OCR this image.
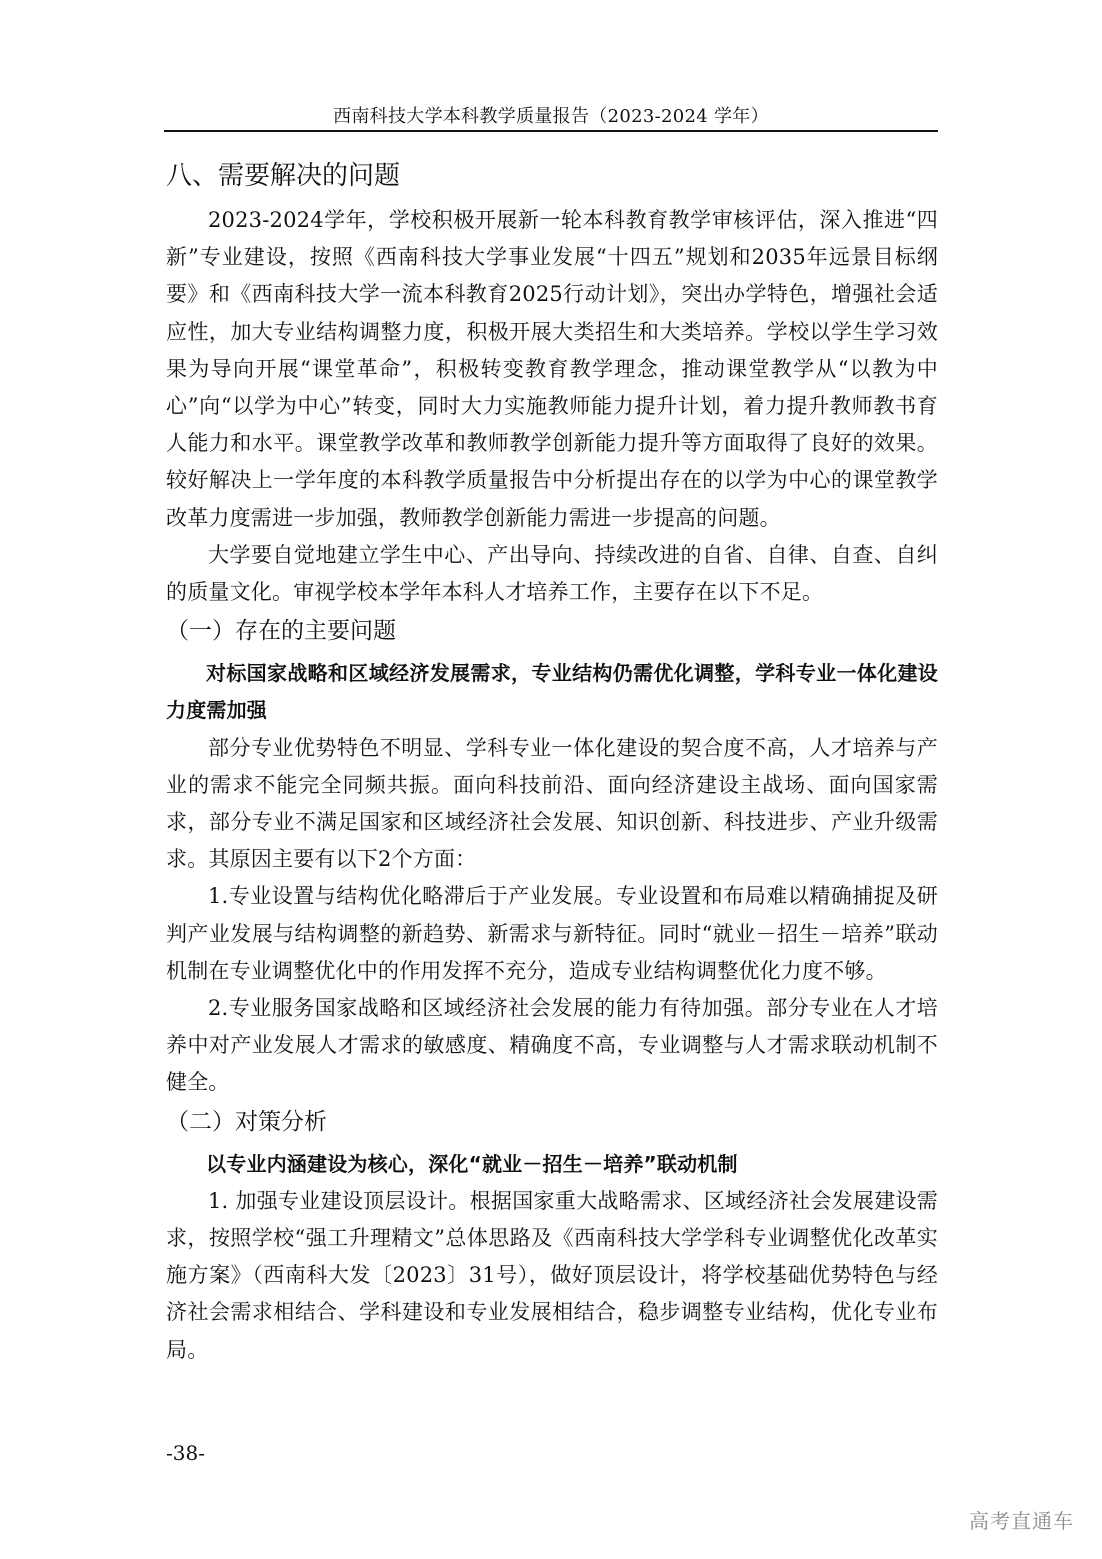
西南科技大学本科教学质量报告（2023-2024 学年）
八、需要解决的问题

2023-2024学年，学校积极开展新一轮本科教育教学审核评估，深入推进“四新”专业建设，按照《西南科技大学事业发展“十四五”规划和2035年远景目标纲要》和《西南科技大学一流本科教育2025行动计划》，突出办学特色，增强社会适应性，加大专业结构调整力度，积极开展大类招生和大类培养。学校以学生学习效果为导向开展“课堂革命”，积极转变教育教学理念，推动课堂教学从“以教为中心”向“以学为中心”转变，同时大力实施教师能力提升计划，着力提升教师教书育人能力和水平。课堂教学改革和教师教学创新能力提升等方面取得了良好的效果。较好解决上一学年度的本科教学质量报告中分析提出存在的以学为中心的课堂教学改革力度需进一步加强，教师教学创新能力需进一步提高的问题。

大学要自觉地建立学生中心、产出导向、持续改进的自省、自律、自查、自纠的质量文化。审视学校本学年本科人才培养工作，主要存在以下不足。

（一）存在的主要问题

对标国家战略和区域经济发展需求，专业结构仍需优化调整，学科专业一体化建设力度需加强

部分专业优势特色不明显、学科专业一体化建设的契合度不高，人才培养与产业的需求不能完全同频共振。面向科技前沿、面向经济建设主战场、面向国家需求，部分专业不满足国家和区域经济社会发展、知识创新、科技进步、产业升级需求。其原因主要有以下2个方面：

1.专业设置与结构优化略滞后于产业发展。专业设置和布局难以精确捕捉及研判产业发展与结构调整的新趋势、新需求与新特征。同时“就业－招生－培养”联动机制在专业调整优化中的作用发挥不充分，造成专业结构调整优化力度不够。

2.专业服务国家战略和区域经济社会发展的能力有待加强。部分专业在人才培养中对产业发展人才需求的敏感度、精确度不高，专业调整与人才需求联动机制不健全。

（二）对策分析

以专业内涵建设为核心，深化“就业－招生－培养”联动机制

1. 加强专业建设顶层设计。根据国家重大战略需求、区域经济社会发展建设需求，按照学校“强工升理精文”总体思路及《西南科技大学学科专业调整优化改革实施方案》（西南科大发〔2023〕31号），做好顶层设计，将学校基础优势特色与经济社会需求相结合、学科建设和专业发展相结合，稳步调整专业结构，优化专业布局。

-38-
高考直通车
